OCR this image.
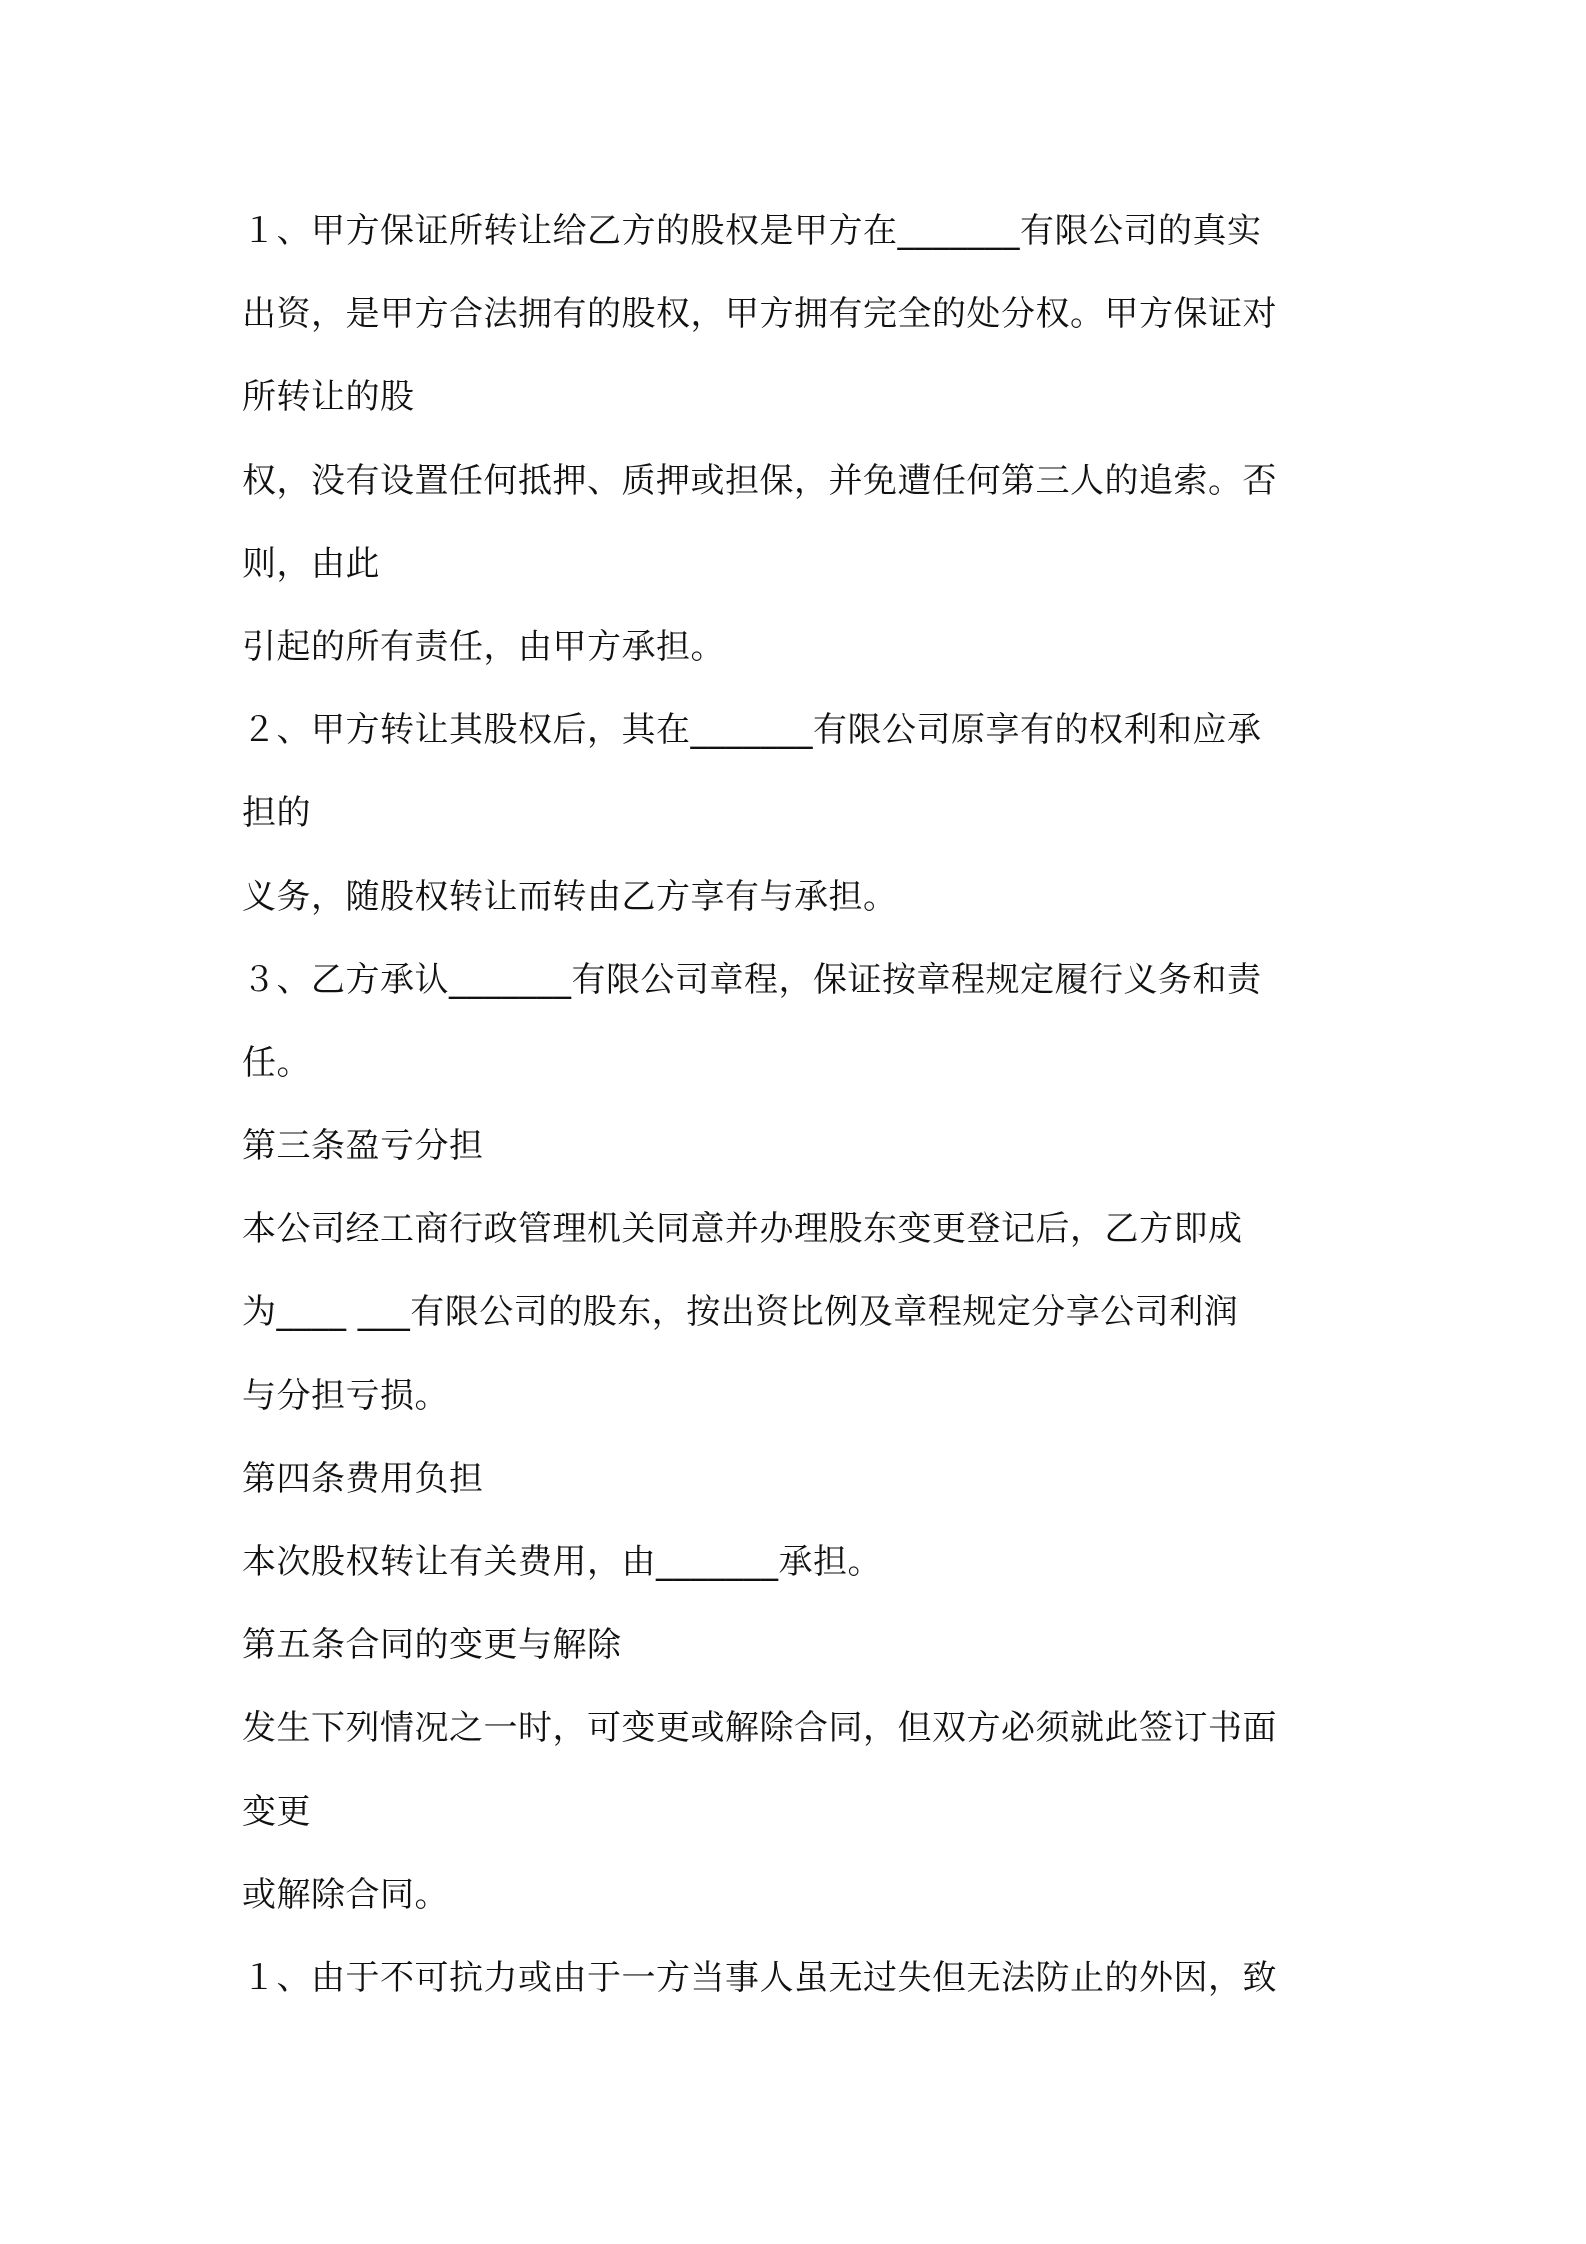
１、甲方保证所转让给乙方的股权是甲方在_______有限公司的真实
出资，是甲方合法拥有的股权，甲方拥有完全的处分权。甲方保证对
所转让的股
权，没有设置任何抵押、质押或担保，并免遭任何第三人的追索。否
则，由此
引起的所有责任，由甲方承担。
２、甲方转让其股权后，其在_______有限公司原享有的权利和应承
担的
义务，随股权转让而转由乙方享有与承担。
３、乙方承认_______有限公司章程，保证按章程规定履行义务和责
任。
第三条盈亏分担
本公司经工商行政管理机关同意并办理股东变更登记后，乙方即成
为____ ___有限公司的股东，按出资比例及章程规定分享公司利润
与分担亏损。
第四条费用负担
本次股权转让有关费用，由_______承担。
第五条合同的变更与解除
发生下列情况之一时，可变更或解除合同，但双方必须就此签订书面
变更
或解除合同。
１、由于不可抗力或由于一方当事人虽无过失但无法防止的外因，致
